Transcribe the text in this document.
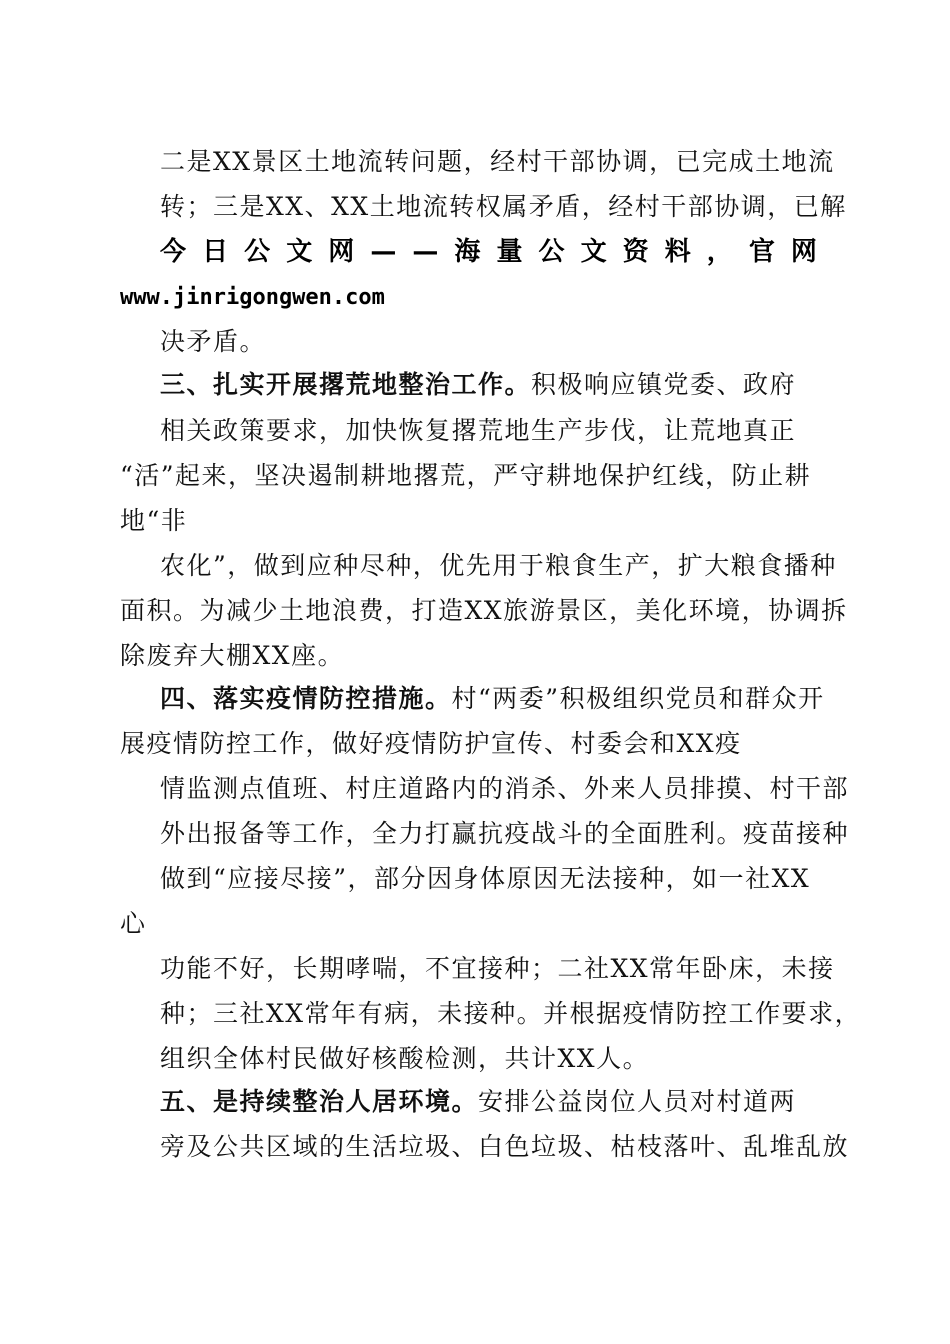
二是XX景区土地流转问题，经村干部协调，已完成土地流
转；三是XX、XX土地流转权属矛盾，经村干部协调，已解
今 日 公 文 网 — — 海 量 公 文 资 料 ， 官 网
www.jinrigongwen.com
决矛盾。
三、扎实开展撂荒地整治工作。积极响应镇党委、政府
相关政策要求，加快恢复撂荒地生产步伐，让荒地真正
“活”起来，坚决遏制耕地撂荒，严守耕地保护红线，防止耕
地“非
农化”，做到应种尽种，优先用于粮食生产，扩大粮食播种
面积。为减少土地浪费，打造XX旅游景区，美化环境，协调拆
除废弃大棚XX座。
四、落实疫情防控措施。村“两委”积极组织党员和群众开
展疫情防控工作，做好疫情防护宣传、村委会和XX疫
情监测点值班、村庄道路内的消杀、外来人员排摸、村干部
外出报备等工作，全力打赢抗疫战斗的全面胜利。疫苗接种
做到“应接尽接”，部分因身体原因无法接种，如一社XX
心
功能不好，长期哮喘，不宜接种；二社XX常年卧床，未接
种；三社XX常年有病，未接种。并根据疫情防控工作要求，
组织全体村民做好核酸检测，共计XX人。
五、是持续整治人居环境。安排公益岗位人员对村道两
旁及公共区域的生活垃圾、白色垃圾、枯枝落叶、乱堆乱放
